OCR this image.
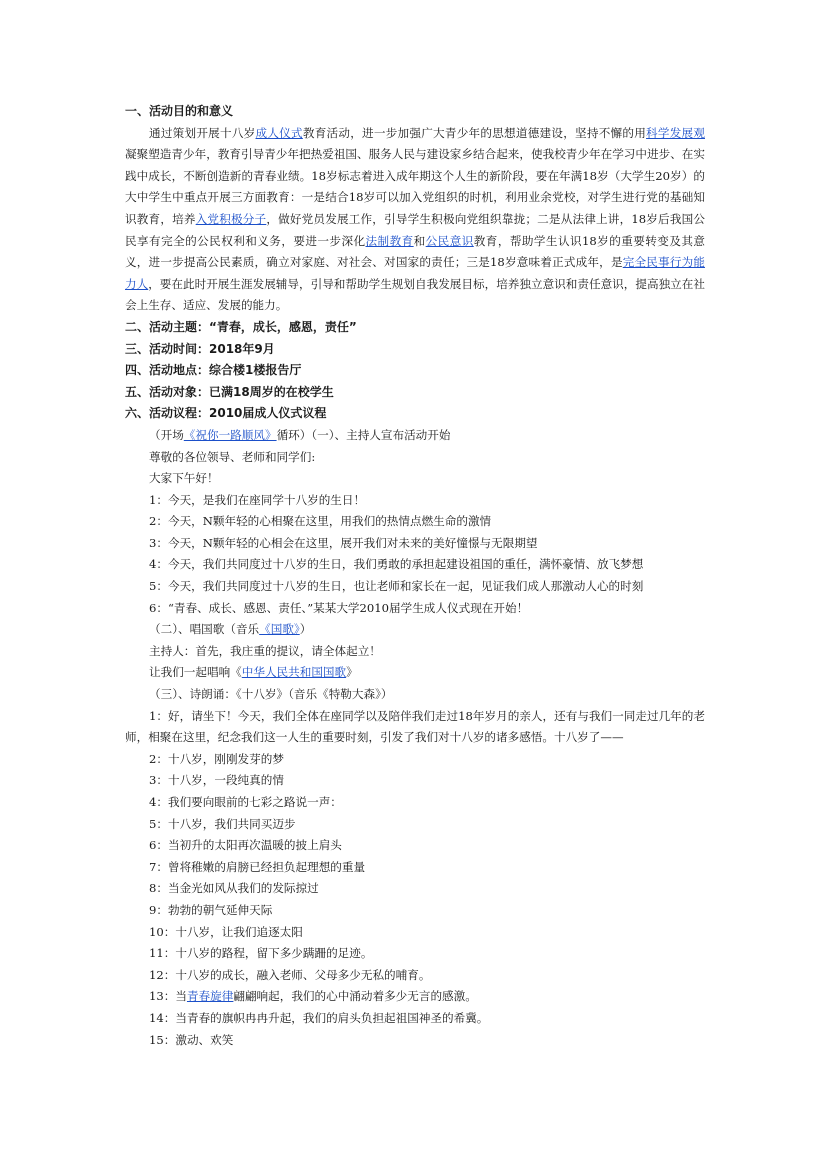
一、活动目的和意义
通过策划开展十八岁成人仪式教育活动，进一步加强广大青少年的思想道德建设，坚持不懈的用科学发展观凝聚塑造青少年，教育引导青少年把热爱祖国、服务人民与建设家乡结合起来，使我校青少年在学习中进步、在实践中成长，不断创造新的青春业绩。18岁标志着进入成年期这个人生的新阶段，要在年满18岁（大学生20岁）的大中学生中重点开展三方面教育：一是结合18岁可以加入党组织的时机，利用业余党校，对学生进行党的基础知识教育，培养入党积极分子，做好党员发展工作，引导学生积极向党组织靠拢；二是从法律上讲，18岁后我国公民享有完全的公民权利和义务，要进一步深化法制教育和公民意识教育，帮助学生认识18岁的重要转变及其意义，进一步提高公民素质，确立对家庭、对社会、对国家的责任；三是18岁意味着正式成年，是完全民事行为能力人，要在此时开展生涯发展辅导，引导和帮助学生规划自我发展目标，培养独立意识和责任意识，提高独立在社会上生存、适应、发展的能力。
二、活动主题：“青春，成长，感恩，责任”
三、活动时间：2018年9月
四、活动地点：综合楼1楼报告厅
五、活动对象：已满18周岁的在校学生
六、活动议程：2010届成人仪式议程
（开场《祝你一路顺风》循环）（一）、主持人宣布活动开始
尊敬的各位领导、老师和同学们:
大家下午好！
1：今天，是我们在座同学十八岁的生日！
2：今天，N颗年轻的心相聚在这里，用我们的热情点燃生命的激情
3：今天，N颗年轻的心相会在这里，展开我们对未来的美好憧憬与无限期望
4：今天，我们共同度过十八岁的生日，我们勇敢的承担起建设祖国的重任，满怀豪情、放飞梦想
5：今天，我们共同度过十八岁的生日，也让老师和家长在一起，见证我们成人那激动人心的时刻
6：“青春、成长、感恩、责任、”某某大学2010届学生成人仪式现在开始！
（二）、唱国歌（音乐《国歌》）
主持人：首先，我庄重的提议，请全体起立！
让我们一起唱响《中华人民共和国国歌》
（三）、诗朗诵：《十八岁》（音乐《特勒大森》）
1：好，请坐下！今天，我们全体在座同学以及陪伴我们走过18年岁月的亲人，还有与我们一同走过几年的老师，相聚在这里，纪念我们这一人生的重要时刻，引发了我们对十八岁的诸多感悟。十八岁了——
2：十八岁，刚刚发芽的梦
3：十八岁，一段纯真的情
4：我们要向眼前的七彩之路说一声：
5：十八岁，我们共同买迈步
6：当初升的太阳再次温暖的披上肩头
7：曾将稚嫩的肩膀已经担负起理想的重量
8：当金光如风从我们的发际掠过
9：勃勃的朝气延伸天际
10：十八岁，让我们追逐太阳
11：十八岁的路程，留下多少蹒跚的足迹。
12：十八岁的成长，融入老师、父母多少无私的哺育。
13：当青春旋律翩翩响起，我们的心中涌动着多少无言的感激。
14：当青春的旗帜冉冉升起，我们的肩头负担起祖国神圣的希冀。
15：激动、欢笑
